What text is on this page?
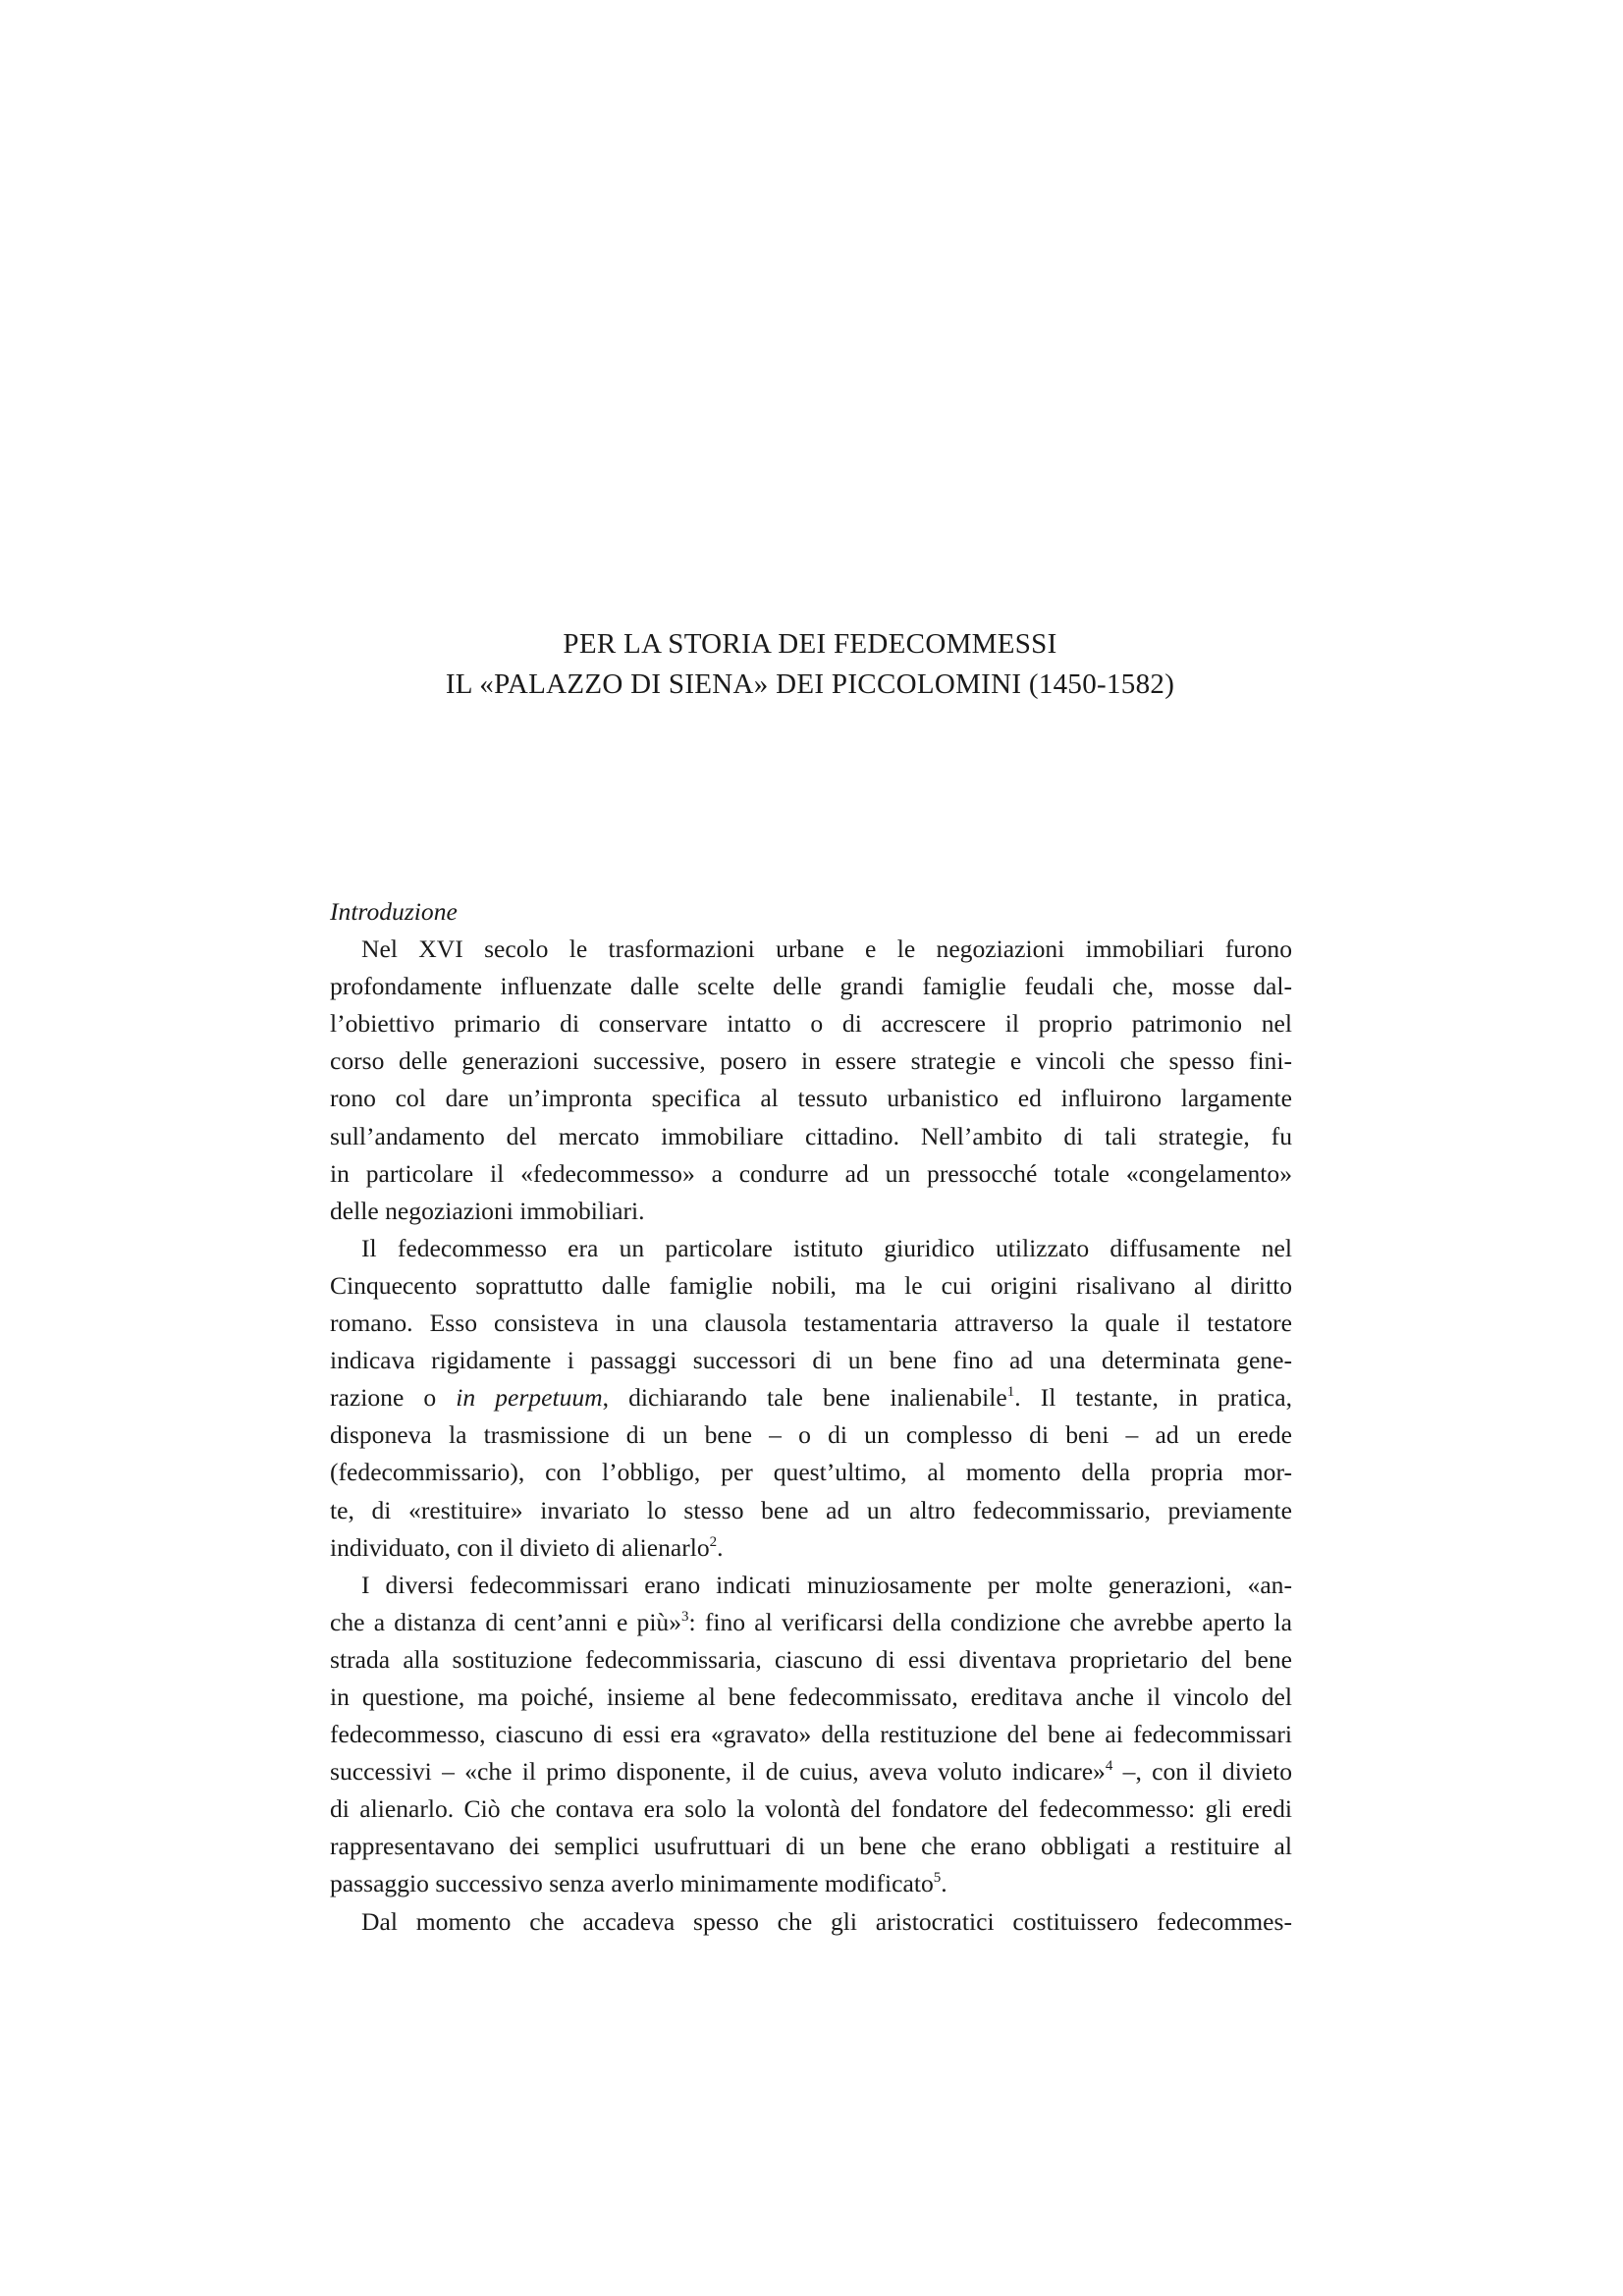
PER LA STORIA DEI FEDECOMMESSI

IL «PALAZZO DI SIENA» DEI PICCOLOMINI (1450-1582)

Introduzione

Nel XVI secolo le trasformazioni urbane e le negoziazioni immobiliari furono
profondamente influenzate dalle scelte delle grandi famiglie feudali che, mosse dal-
l’obiettivo primario di conservare intatto o di accrescere il proprio patrimonio nel
corso delle generazioni successive, posero in essere strategie e vincoli che spesso fini-
rono col dare un’impronta specifica al tessuto urbanistico ed influirono largamente
sull’andamento del mercato immobiliare cittadino. Nell’ambito di tali strategie, fu
in particolare il «fedecommesso» a condurre ad un pressocché totale «congelamento»
delle negoziazioni immobiliari.

Il fedecommesso era un particolare istituto giuridico utilizzato diffusamente nel
Cinquecento soprattutto dalle famiglie nobili, ma le cui origini risalivano al diritto
romano. Esso consisteva in una clausola testamentaria attraverso la quale il testatore
indicava rigidamente i passaggi successori di un bene fino ad una determinata gene-
razione o in perpetuum, dichiarando tale bene inalienabile$^1$. Il testante, in pratica,
disponeva la trasmissione di un bene – o di un complesso di beni – ad un erede
(fedecommissario), con l’obbligo, per quest’ultimo, al momento della propria mor-
te, di «restituire» invariato lo stesso bene ad un altro fedecommissario, previamente
individuato, con il divieto di alienarlo$^2$.

I diversi fedecommissari erano indicati minuziosamente per molte generazioni, «an-
che a distanza di cent’anni e più»$^3$: fino al verificarsi della condizione che avrebbe aperto la
strada alla sostituzione fedecommissaria, ciascuno di essi diventava proprietario del bene
in questione, ma poiché, insieme al bene fedecommissato, ereditava anche il vincolo del
fedecommesso, ciascuno di essi era «gravato» della restituzione del bene ai fedecommissari
successivi – «che il primo disponente, il de cuius, aveva voluto indicare»$^4$ –, con il divieto
di alienarlo. Ciò che contava era solo la volontà del fondatore del fedecommesso: gli eredi
rappresentavano dei semplici usufruttuari di un bene che erano obbligati a restituire al
passaggio successivo senza averlo minimamente modificato$^5$.

Dal momento che accadeva spesso che gli aristocratici costituissero fedecommes-
